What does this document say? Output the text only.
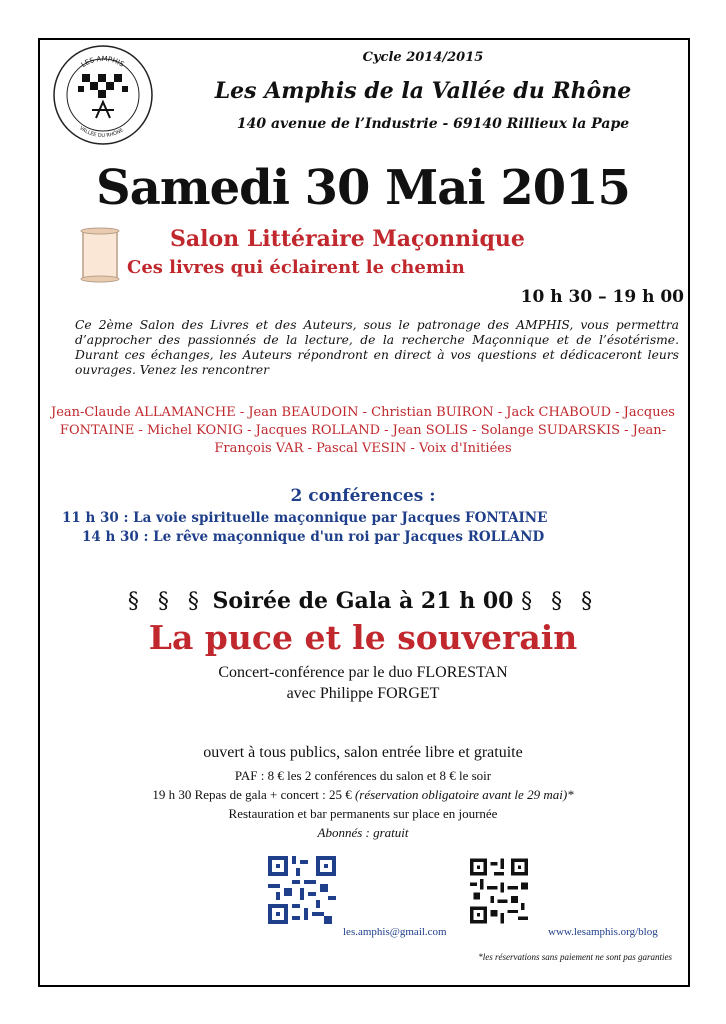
LES AMPHIS
VALLÉE DU RHÔNE
Cycle 2014/2015
Les Amphis de la Vallée du Rhône
140 avenue de l’Industrie - 69140 Rillieux la Pape
Samedi 30 Mai 2015
Salon Littéraire Maçonnique
Ces livres qui éclairent le chemin
10 h 30 – 19 h 00
Ce 2ème Salon des Livres et des Auteurs, sous le patronage des AMPHIS, vous permettra d’approcher des passionnés de la lecture, de la recherche Maçonnique et de l’ésotérisme. Durant ces échanges, les Auteurs répondront en direct à vos questions et dédicaceront leurs ouvrages. Venez les rencontrer
Jean-Claude ALLAMANCHE - Jean BEAUDOIN - Christian BUIRON - Jack CHABOUD - Jacques FONTAINE - Michel KONIG - Jacques ROLLAND - Jean SOLIS - Solange SUDARSKIS - Jean-François VAR - Pascal VESIN - Voix d'Initiées
2 conférences :
11 h 30 : La voie spirituelle maçonnique par Jacques FONTAINE
14 h 30 : Le rêve maçonnique d'un roi par Jacques ROLLAND
§ § § Soirée de Gala à 21 h 00 § § §
La puce et le souverain
Concert-conférence par le duo FLORESTAN
avec Philippe FORGET
ouvert à tous publics, salon entrée libre et gratuite
PAF : 8 € les 2 conférences du salon et 8 € le soir
19 h 30 Repas de gala + concert : 25 € (réservation obligatoire avant le 29 mai)*
Restauration et bar permanents sur place en journée
Abonnés : gratuit
les.amphis@gmail.com	www.lesamphis.org/blog
*les réservations sans paiement ne sont pas garanties
